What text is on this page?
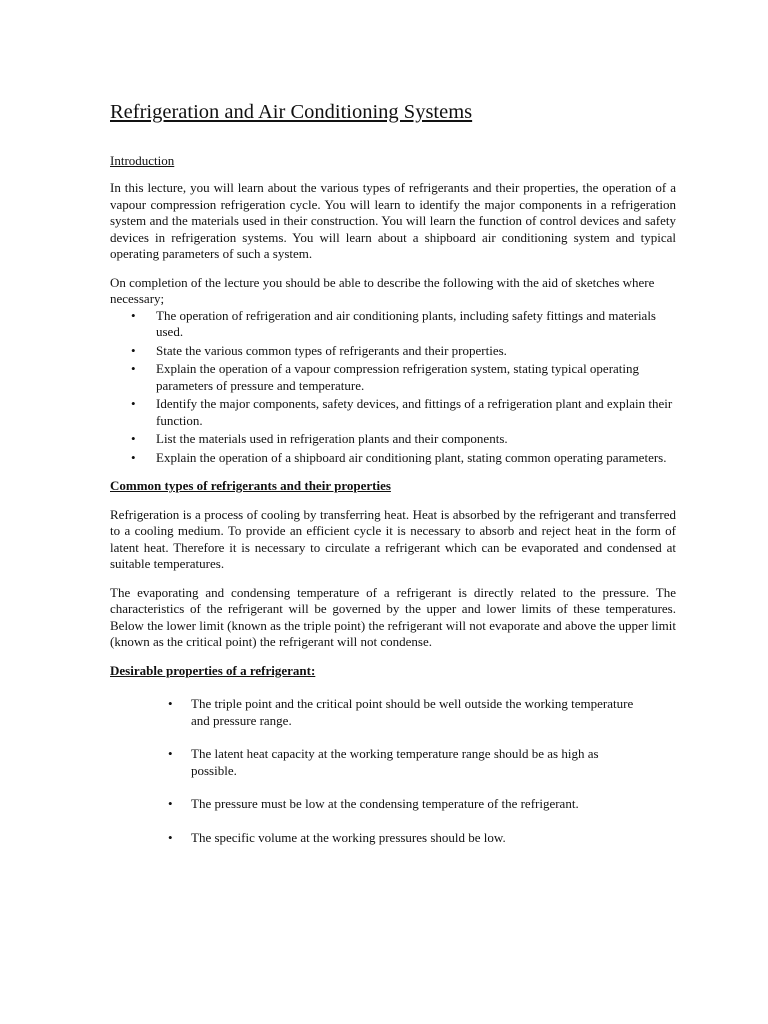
Refrigeration and Air Conditioning Systems
Introduction

In this lecture, you will learn about the various types of refrigerants and their properties, the operation of a vapour compression refrigeration cycle. You will learn to identify the major components in a refrigeration system and the materials used in their construction. You will learn the function of control devices and safety devices in refrigeration systems. You will learn about a shipboard air conditioning system and typical operating parameters of such a system.

On completion of the lecture you should be able to describe the following with the aid of sketches where necessary;

• The operation of refrigeration and air conditioning plants, including safety fittings and materials used.
• State the various common types of refrigerants and their properties.
• Explain the operation of a vapour compression refrigeration system, stating typical operating parameters of pressure and temperature.
• Identify the major components, safety devices, and fittings of a refrigeration plant and explain their function.
• List the materials used in refrigeration plants and their components.
• Explain the operation of a shipboard air conditioning plant, stating common operating parameters.
Common types of refrigerants and their properties

Refrigeration is a process of cooling by transferring heat. Heat is absorbed by the refrigerant and transferred to a cooling medium. To provide an efficient cycle it is necessary to absorb and reject heat in the form of latent heat. Therefore it is necessary to circulate a refrigerant which can be evaporated and condensed at suitable temperatures.

The evaporating and condensing temperature of a refrigerant is directly related to the pressure. The characteristics of the refrigerant will be governed by the upper and lower limits of these temperatures. Below the lower limit (known as the triple point) the refrigerant will not evaporate and above the upper limit (known as the critical point) the refrigerant will not condense.

Desirable properties of a refrigerant:
• The triple point and the critical point should be well outside the working temperature and pressure range.
• The latent heat capacity at the working temperature range should be as high as possible.
• The pressure must be low at the condensing temperature of the refrigerant.
• The specific volume at the working pressures should be low.
